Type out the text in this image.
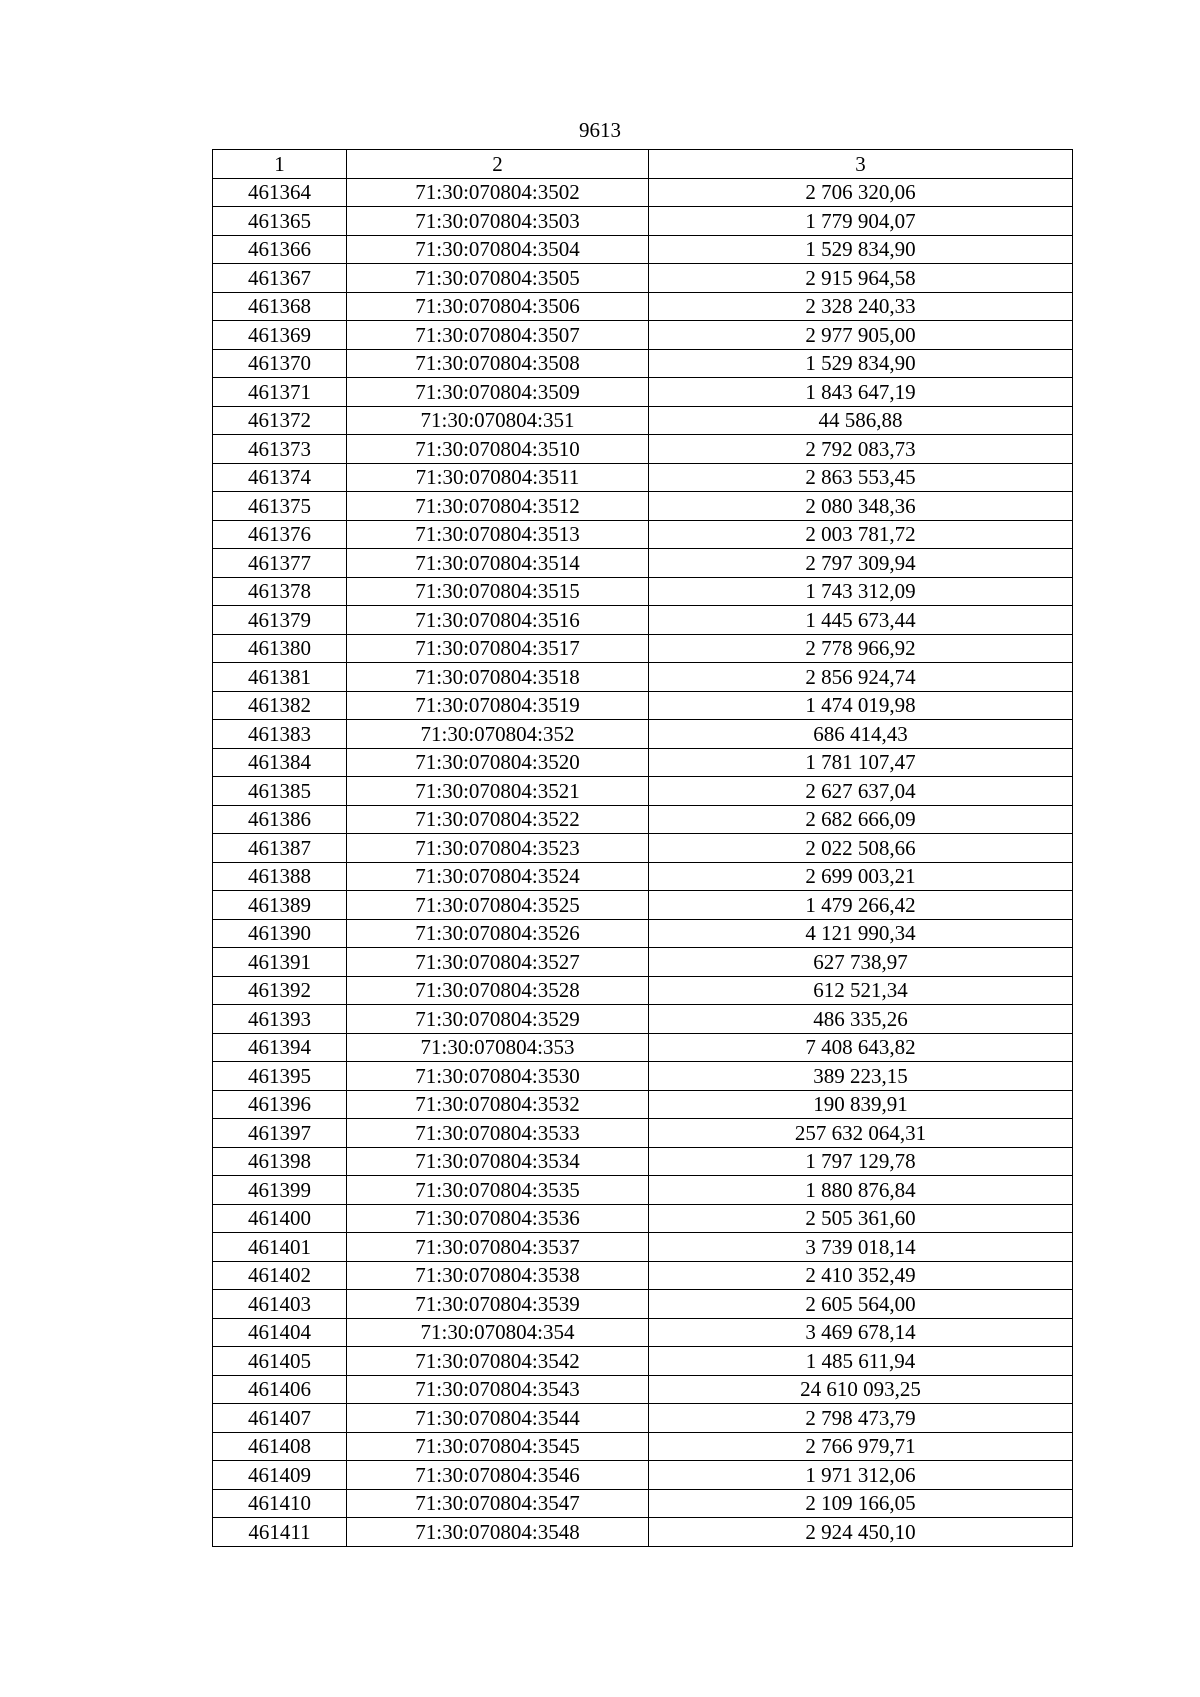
9613
1	2	3
461364	71:30:070804:3502	2 706 320,06
461365	71:30:070804:3503	1 779 904,07
461366	71:30:070804:3504	1 529 834,90
461367	71:30:070804:3505	2 915 964,58
461368	71:30:070804:3506	2 328 240,33
461369	71:30:070804:3507	2 977 905,00
461370	71:30:070804:3508	1 529 834,90
461371	71:30:070804:3509	1 843 647,19
461372	71:30:070804:351	44 586,88
461373	71:30:070804:3510	2 792 083,73
461374	71:30:070804:3511	2 863 553,45
461375	71:30:070804:3512	2 080 348,36
461376	71:30:070804:3513	2 003 781,72
461377	71:30:070804:3514	2 797 309,94
461378	71:30:070804:3515	1 743 312,09
461379	71:30:070804:3516	1 445 673,44
461380	71:30:070804:3517	2 778 966,92
461381	71:30:070804:3518	2 856 924,74
461382	71:30:070804:3519	1 474 019,98
461383	71:30:070804:352	686 414,43
461384	71:30:070804:3520	1 781 107,47
461385	71:30:070804:3521	2 627 637,04
461386	71:30:070804:3522	2 682 666,09
461387	71:30:070804:3523	2 022 508,66
461388	71:30:070804:3524	2 699 003,21
461389	71:30:070804:3525	1 479 266,42
461390	71:30:070804:3526	4 121 990,34
461391	71:30:070804:3527	627 738,97
461392	71:30:070804:3528	612 521,34
461393	71:30:070804:3529	486 335,26
461394	71:30:070804:353	7 408 643,82
461395	71:30:070804:3530	389 223,15
461396	71:30:070804:3532	190 839,91
461397	71:30:070804:3533	257 632 064,31
461398	71:30:070804:3534	1 797 129,78
461399	71:30:070804:3535	1 880 876,84
461400	71:30:070804:3536	2 505 361,60
461401	71:30:070804:3537	3 739 018,14
461402	71:30:070804:3538	2 410 352,49
461403	71:30:070804:3539	2 605 564,00
461404	71:30:070804:354	3 469 678,14
461405	71:30:070804:3542	1 485 611,94
461406	71:30:070804:3543	24 610 093,25
461407	71:30:070804:3544	2 798 473,79
461408	71:30:070804:3545	2 766 979,71
461409	71:30:070804:3546	1 971 312,06
461410	71:30:070804:3547	2 109 166,05
461411	71:30:070804:3548	2 924 450,10
